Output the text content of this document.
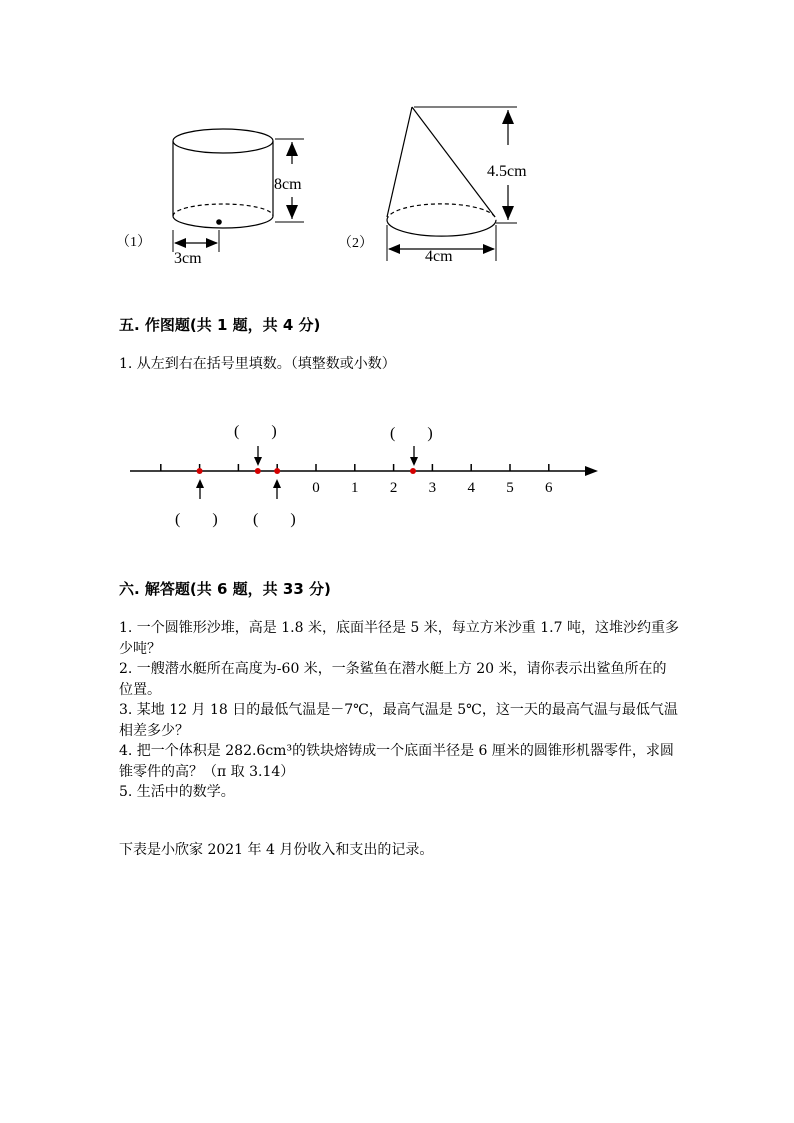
8cm
3cm
（1）
4.5cm
4cm
（2）
五. 作图题(共 1 题，共 4 分)
1. 从左到右在括号里填数。（填整数或小数）
0 1 2 3 4 5 6
(　　)	(　　)
(　　) (　　)
六. 解答题(共 6 题，共 33 分)
1. 一个圆锥形沙堆，高是 1.8 米，底面半径是 5 米，每立方米沙重 1.7 吨，这堆沙约重多少吨？
2. 一艘潜水艇所在高度为-60 米，一条鲨鱼在潜水艇上方 20 米，请你表示出鲨鱼所在的位置。
3. 某地 12 月 18 日的最低气温是－7℃，最高气温是 5℃，这一天的最高气温与最低气温相差多少？
4. 把一个体积是 282.6cm³的铁块熔铸成一个底面半径是 6 厘米的圆锥形机器零件，求圆锥零件的高？（π 取 3.14）
5. 生活中的数学。
下表是小欣家 2021 年 4 月份收入和支出的记录。
